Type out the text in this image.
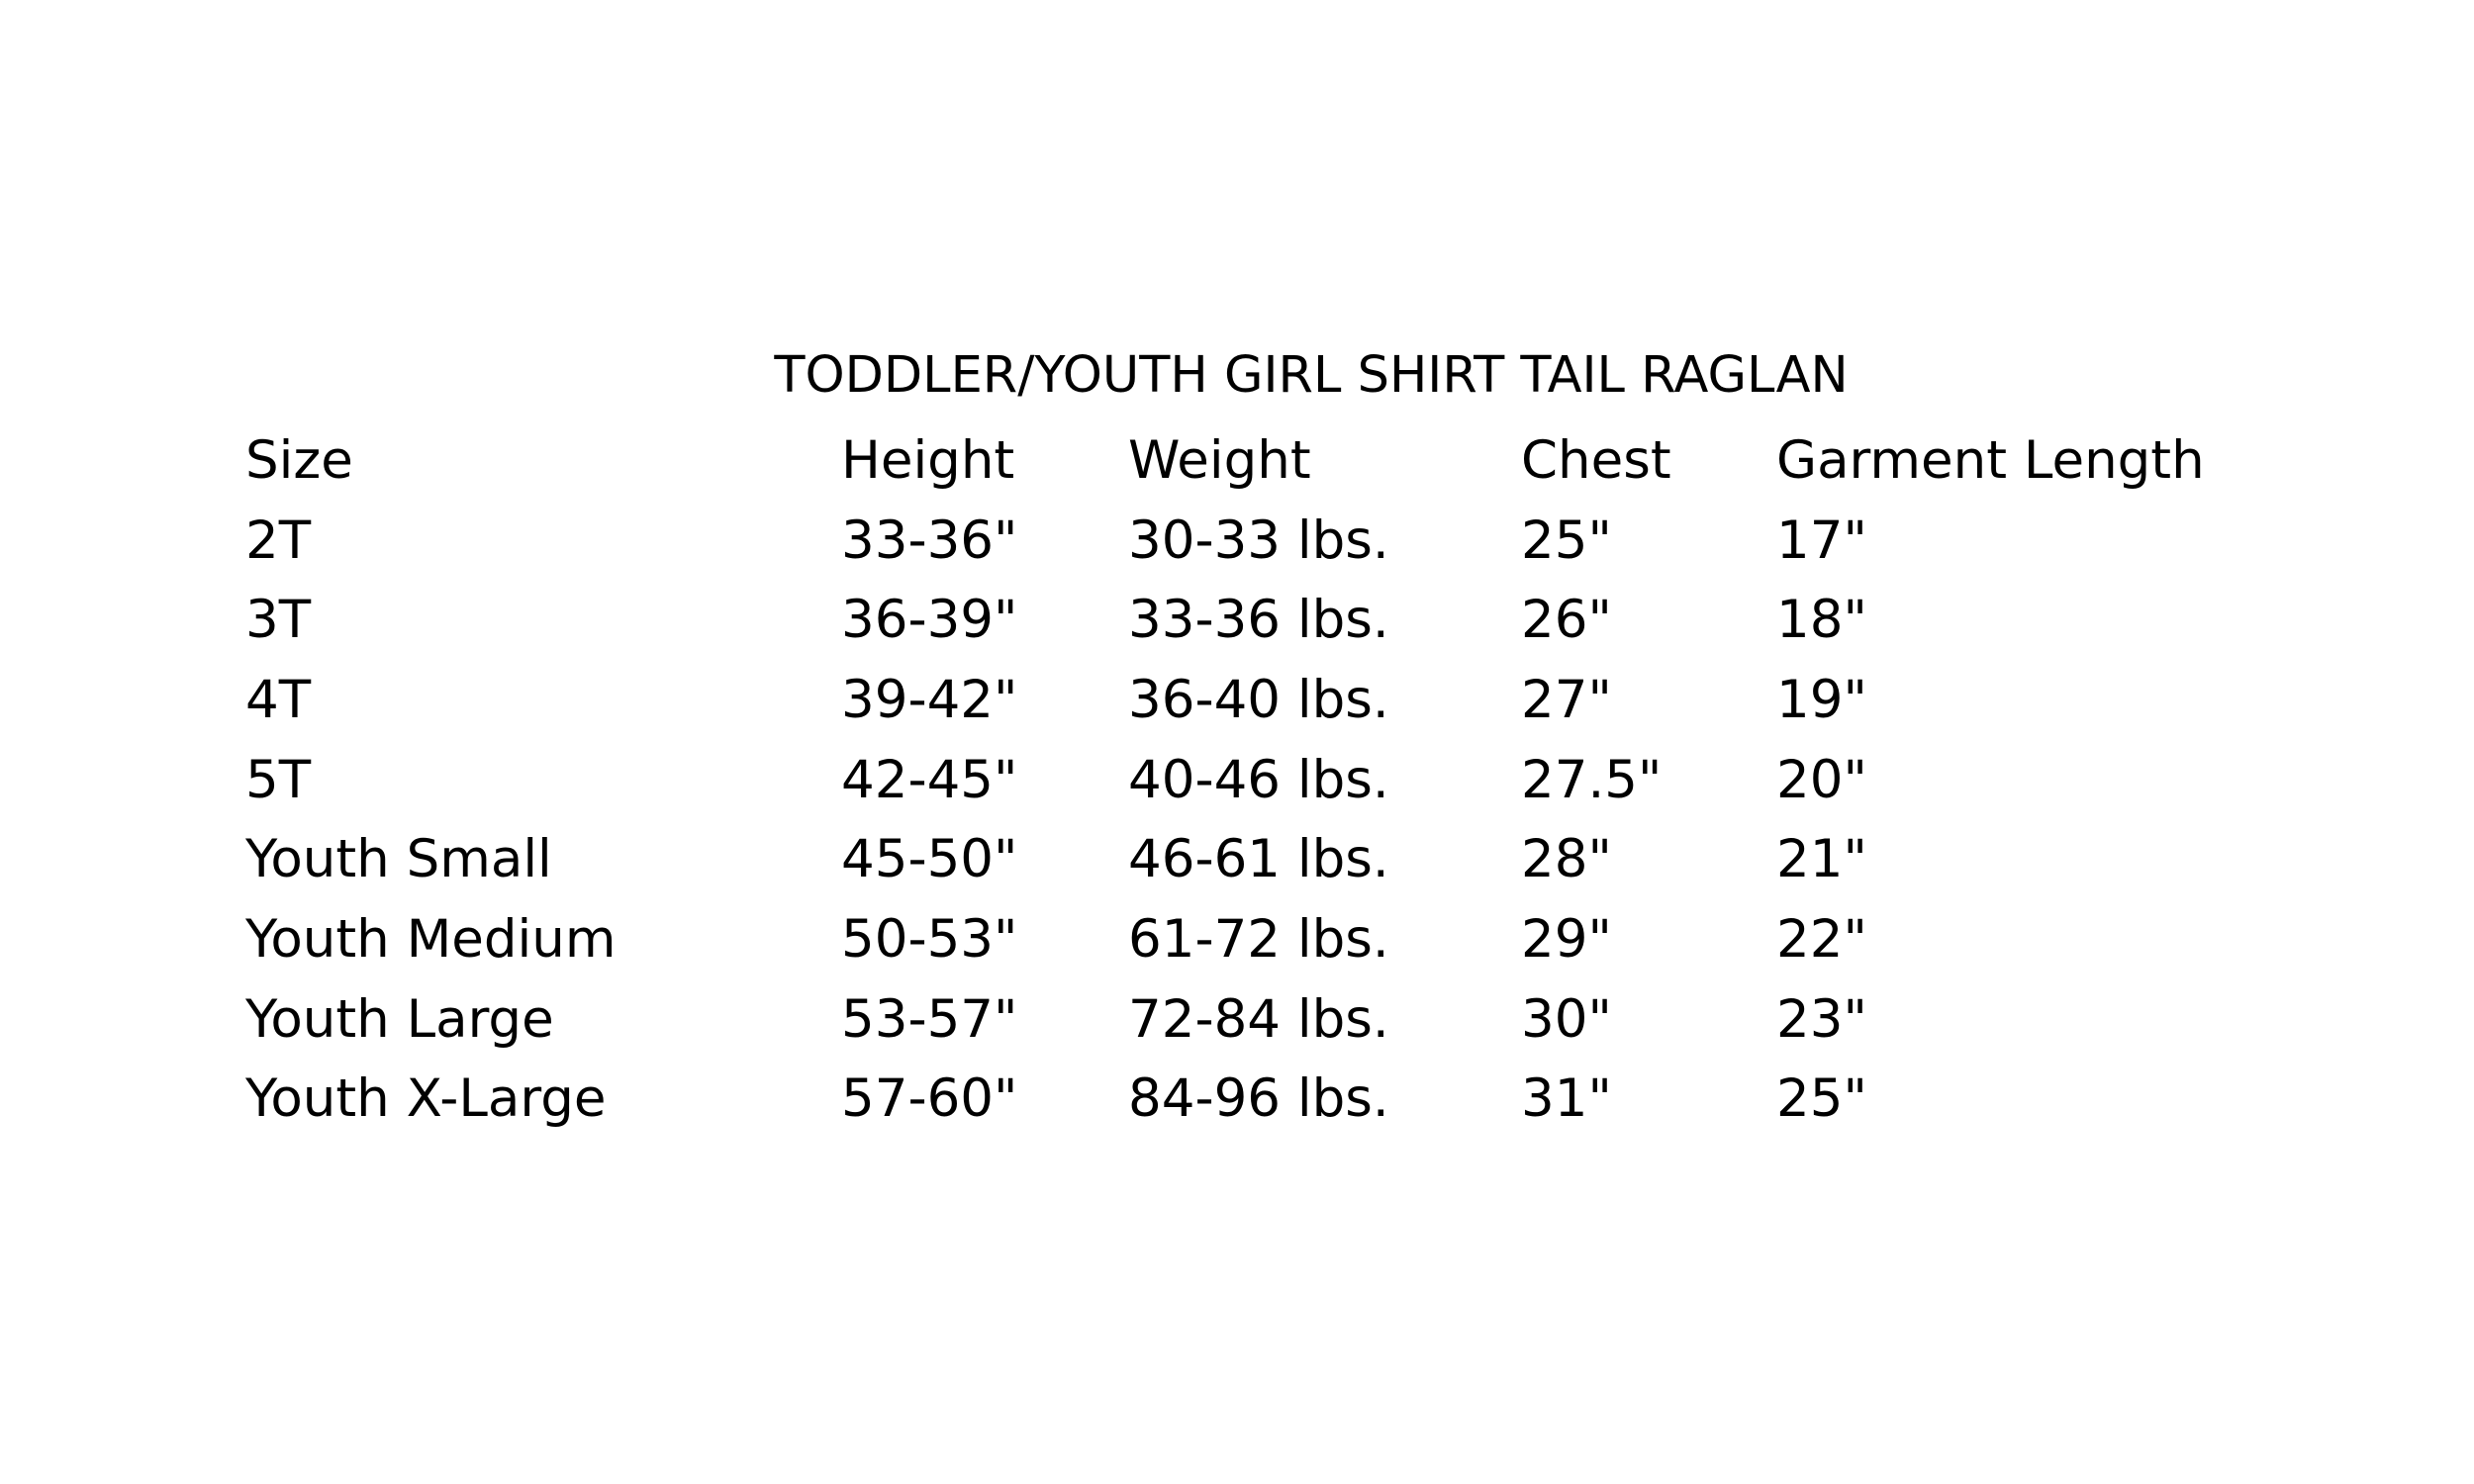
TODDLER/YOUTH GIRL SHIRT TAIL RAGLAN
Size	Height	Weight	Chest	Garment Length
2T	33-36"	30-33 lbs.	25"	17"
3T	36-39"	33-36 lbs.	26"	18"
4T	39-42"	36-40 lbs.	27"	19"
5T	42-45"	40-46 lbs.	27.5"	20"
Youth Small	45-50"	46-61 lbs.	28"	21"
Youth Medium	50-53"	61-72 lbs.	29"	22"
Youth Large	53-57"	72-84 lbs.	30"	23"
Youth X-Large	57-60"	84-96 lbs.	31"	25"
